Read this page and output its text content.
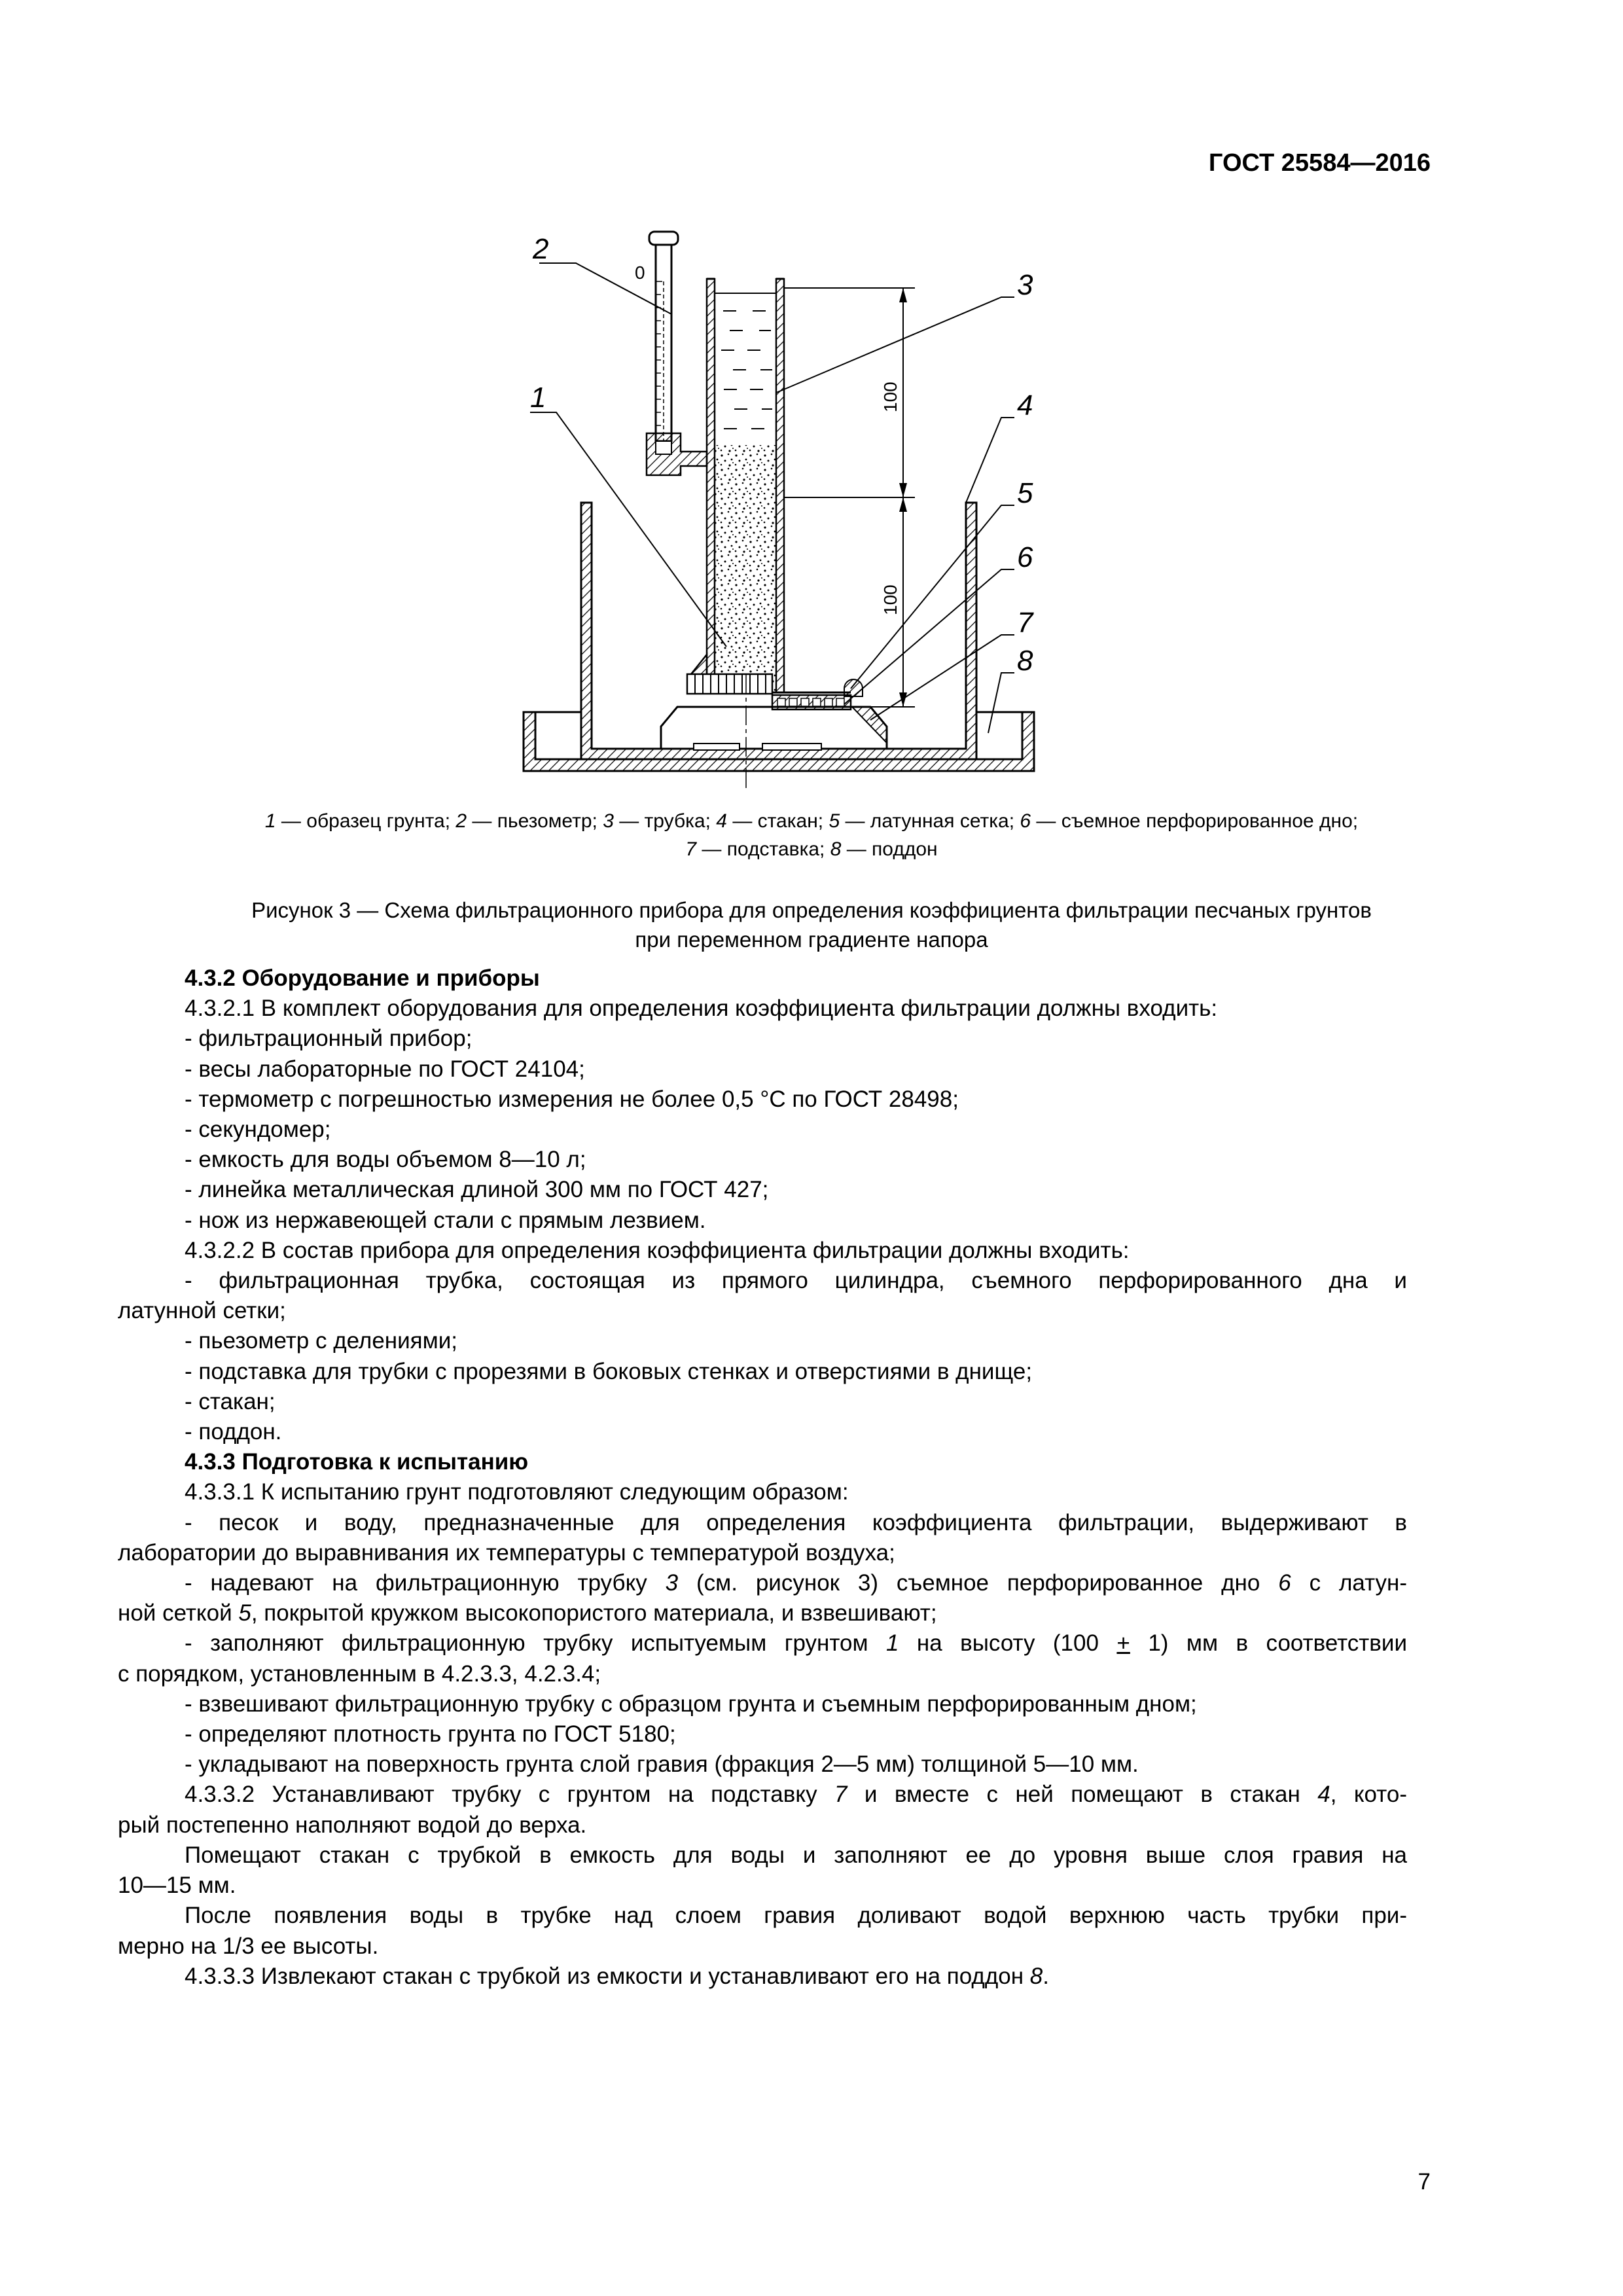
ГОСТ 25584—2016
0
100
100
1
2
3
4
5
6
7
8
1 — образец грунта; 2 — пьезометр; 3 — трубка; 4 — стакан; 5 — латунная сетка; 6 — съемное перфорированное дно;
7 — подставка; 8 — поддон
Рисунок 3 — Схема фильтрационного прибора для определения коэффициента фильтрации песчаных грунтов
при переменном градиенте напора

4.3.2 Оборудование и приборы

4.3.2.1 В комплект оборудования для определения коэффициента фильтрации должны входить:

- фильтрационный прибор;

- весы лабораторные по ГОСТ 24104;

- термометр с погрешностью измерения не более 0,5 °С по ГОСТ 28498;

- секундомер;

- емкость для воды объемом 8—10 л;

- линейка металлическая длиной 300 мм по ГОСТ 427;

- нож из нержавеющей стали с прямым лезвием.

4.3.2.2 В состав прибора для определения коэффициента фильтрации должны входить:

- фильтрационная трубка, состоящая из прямого цилиндра, съемного перфорированного дна и

латунной сетки;

- пьезометр с делениями;

- подставка для трубки с прорезями в боковых стенках и отверстиями в днище;

- стакан;

- поддон.

4.3.3 Подготовка к испытанию

4.3.3.1 К испытанию грунт подготовляют следующим образом:

- песок и воду, предназначенные для определения коэффициента фильтрации, выдерживают в

лаборатории до выравнивания их температуры с температурой воздуха;

- надевают на фильтрационную трубку 3 (см. рисунок 3) съемное перфорированное дно 6 с латун-

ной сеткой 5, покрытой кружком высокопористого материала, и взвешивают;

- заполняют фильтрационную трубку испытуемым грунтом 1 на высоту (100 + 1) мм в соответствии

с порядком, установленным в 4.2.3.3, 4.2.3.4;

- взвешивают фильтрационную трубку с образцом грунта и съемным перфорированным дном;

- определяют плотность грунта по ГОСТ 5180;

- укладывают на поверхность грунта слой гравия (фракция 2—5 мм) толщиной 5—10 мм.

4.3.3.2 Устанавливают трубку с грунтом на подставку 7 и вместе с ней помещают в стакан 4, кото-

рый постепенно наполняют водой до верха.

Помещают стакан с трубкой в емкость для воды и заполняют ее до уровня выше слоя гравия на

10—15 мм.

После появления воды в трубке над слоем гравия доливают водой верхнюю часть трубки при-

мерно на 1/3 ее высоты.

4.3.3.3 Извлекают стакан с трубкой из емкости и устанавливают его на поддон 8.

7
